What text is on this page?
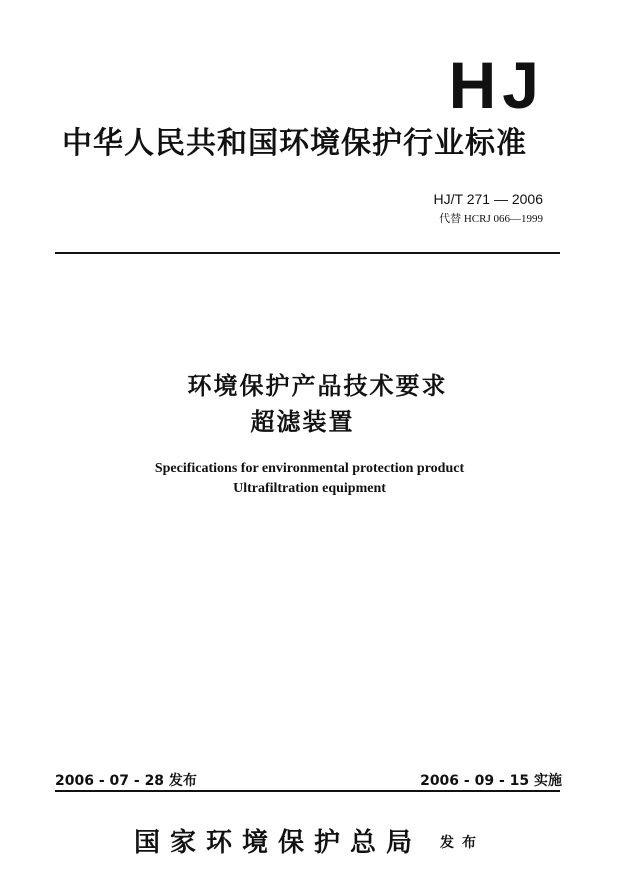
HJ
中华人民共和国环境保护行业标准
HJ/T 271 — 2006
代替 HCRJ 066—1999
环境保护产品技术要求
超滤装置
Specifications for environmental protection product
Ultrafiltration equipment
2006 - 07 - 28 发布	2006 - 09 - 15 实施
国家环境保护总局 发布
